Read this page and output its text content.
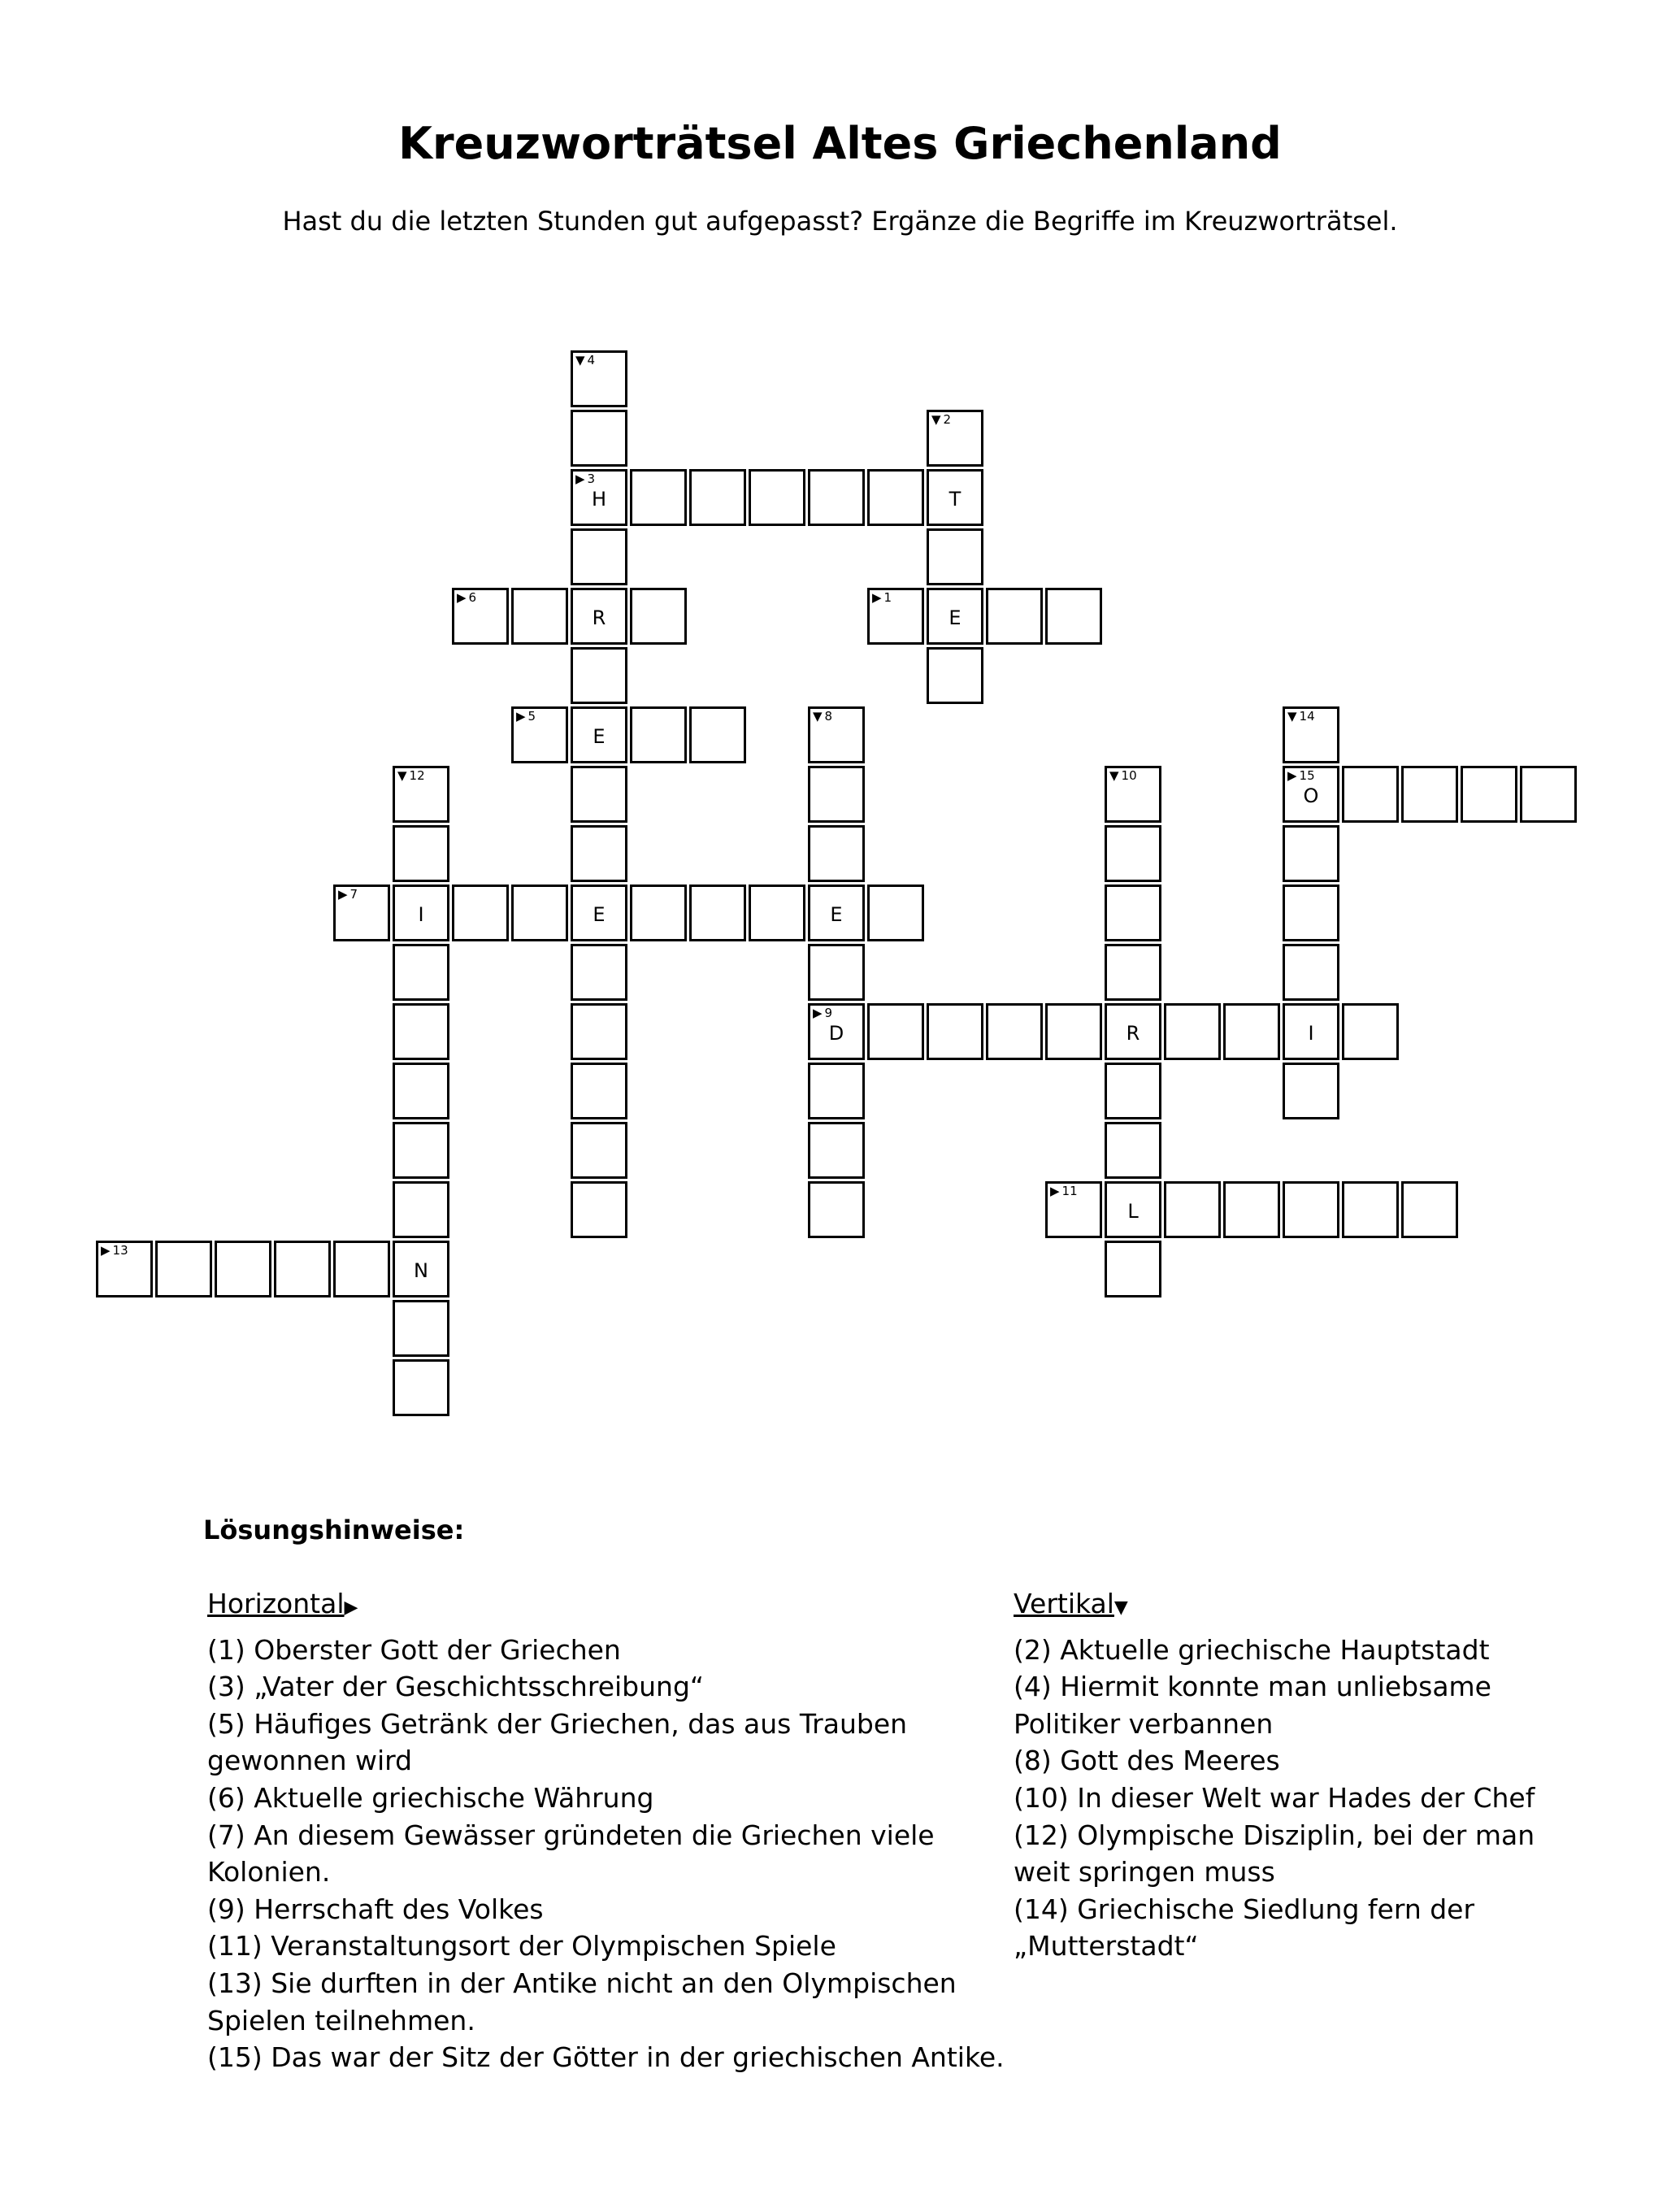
Kreuzworträtsel Altes Griechenland
Hast du die letzten Stunden gut aufgepasst? Ergänze die Begriffe im Kreuzworträtsel.
▼ 4
▶ 3
H
R
E
E
▼ 2
T
E
▶ 6	▶ 1
▶ 5	▼ 8
E
▶ 9
D
▼ 14
▶ 15
O
I
▼ 12
I
N
▼ 10
R
L
▶ 7
▶ 11
▶ 13
Lösungshinweise:
Horizontal▶
(1) Oberster Gott der Griechen
(3) „Vater der Geschichtsschreibung“
(5) Häufiges Getränk der Griechen, das aus Trauben gewonnen wird
(6) Aktuelle griechische Währung
(7) An diesem Gewässer gründeten die Griechen viele Kolonien.
(9) Herrschaft des Volkes
(11) Veranstaltungsort der Olympischen Spiele
(13) Sie durften in der Antike nicht an den Olympischen Spielen teilnehmen.
(15) Das war der Sitz der Götter in der griechischen Antike.
Vertikal▼
(2) Aktuelle griechische Hauptstadt
(4) Hiermit konnte man unliebsame Politiker verbannen
(8) Gott des Meeres
(10) In dieser Welt war Hades der Chef
(12) Olympische Disziplin, bei der man weit springen muss
(14) Griechische Siedlung fern der „Mutterstadt“
